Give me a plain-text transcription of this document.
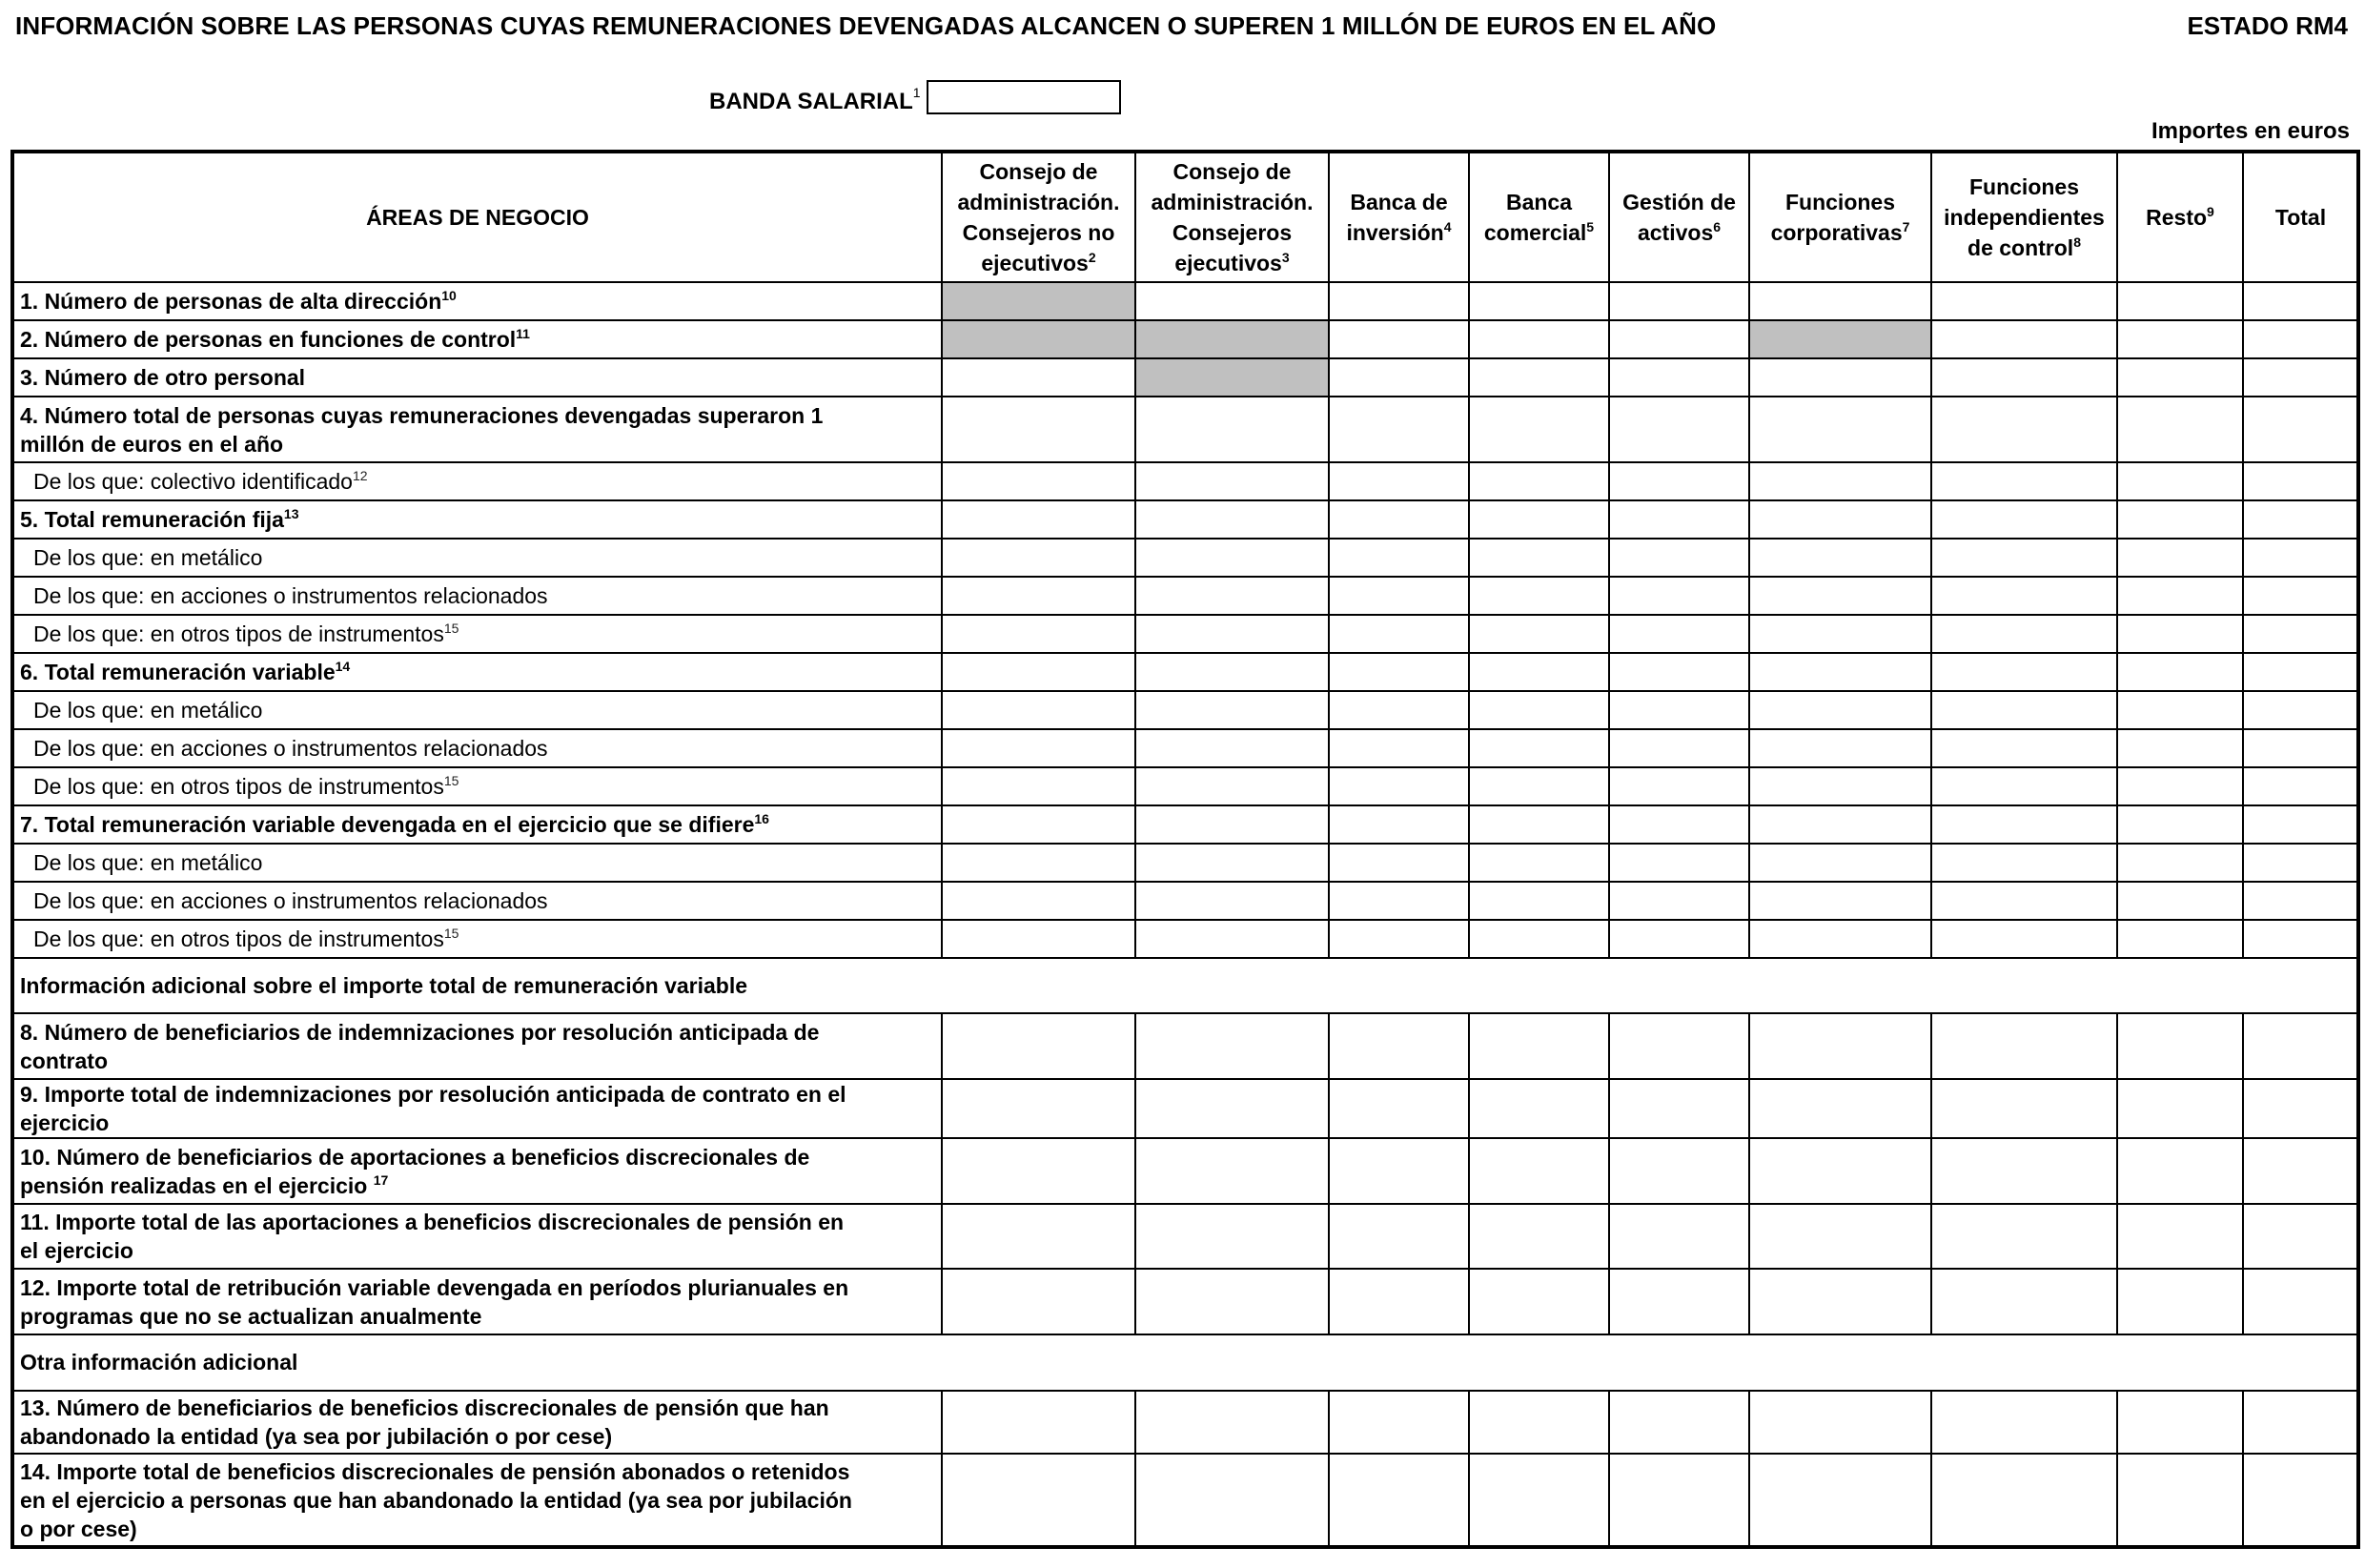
INFORMACIÓN SOBRE LAS PERSONAS CUYAS REMUNERACIONES DEVENGADAS ALCANCEN O SUPEREN 1 MILLÓN DE EUROS EN EL AÑO	ESTADO RM4
BANDA SALARIAL$^1$
Importes en euros
ÁREAS DE NEGOCIO	Consejo de
administración.
Consejeros no
ejecutivos$^2$	Consejo de
administración.
Consejeros
ejecutivos$^3$	Banca de
inversión$^4$	Banca
comercial$^5$	Gestión de
activos$^6$	Funciones
corporativas$^7$	Funciones
independientes
de control$^8$	Resto$^9$	Total	
1. Número de personas de alta dirección$^{10}$										
2. Número de personas en funciones de control$^{11}$									
3. Número de otro personal										
4. Número total de personas cuyas remuneraciones devengadas superaron 1
millón de euros en el año										
De los que: colectivo identificado$^{12}$									
5. Total remuneración fija$^{13}$									
De los que: en metálico										
De los que: en acciones o instrumentos relacionados										
De los que: en otros tipos de instrumentos$^{15}$									
6. Total remuneración variable$^{14}$									
De los que: en metálico										
De los que: en acciones o instrumentos relacionados										
De los que: en otros tipos de instrumentos$^{15}$									
7. Total remuneración variable devengada en el ejercicio que se difiere$^{16}$									
De los que: en metálico										
De los que: en acciones o instrumentos relacionados										
De los que: en otros tipos de instrumentos$^{15}$									
Información adicional sobre el importe total de remuneración variable										
8. Número de beneficiarios de indemnizaciones por resolución anticipada de
contrato										
9. Importe total de indemnizaciones por resolución anticipada de contrato en el
ejercicio										
10. Número de beneficiarios de aportaciones a beneficios discrecionales de
pensión realizadas en el ejercicio $^{17}$									
11. Importe total de las aportaciones a beneficios discrecionales de pensión en
el ejercicio										
12. Importe total de retribución variable devengada en períodos plurianuales en
programas que no se actualizan anualmente										
Otra información adicional										
13. Número de beneficiarios de beneficios discrecionales de pensión que han
abandonado la entidad (ya sea por jubilación o por cese)										
14. Importe total de beneficios discrecionales de pensión abonados o retenidos
en el ejercicio a personas que han abandonado la entidad (ya sea por jubilación
o por cese)										
